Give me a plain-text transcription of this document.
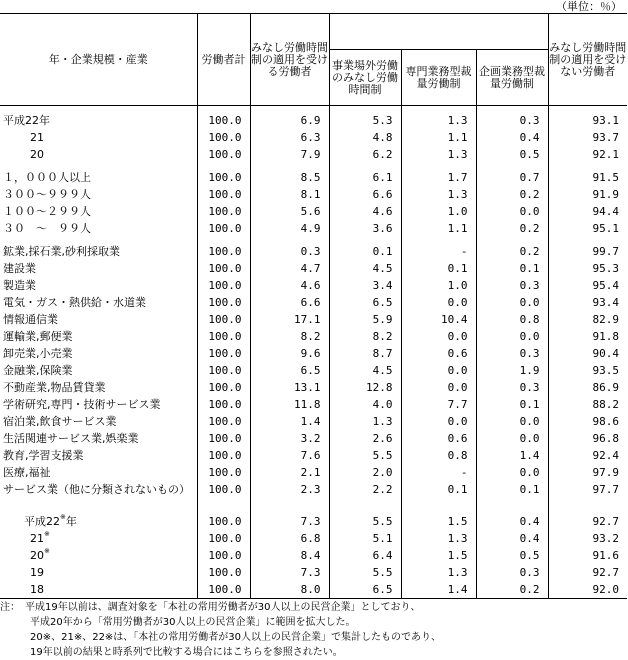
（単位：％）
年・企業規模・産業	労働者計	みなし労働時間制の適用を受ける労働者				みなし労働時間制の適用を受けない労働者
			事業場外労働のみなし労働時間制	専門業務型裁量労働制	企画業務型裁量労働制	

平成22年	100.0	6.9	5.3	1.3	0.3	93.1
21	100.0	6.3	4.8	1.1	0.4	93.7
20	100.0	7.9	6.2	1.3	0.5	92.1

１，０００人以上	100.0	8.5	6.1	1.7	0.7	91.5
３００～９９９人	100.0	8.1	6.6	1.3	0.2	91.9
１００～２９９人	100.0	5.6	4.6	1.0	0.0	94.4
３０　～　９９人	100.0	4.9	3.6	1.1	0.2	95.1

鉱業,採石業,砂利採取業	100.0	0.3	0.1	-	0.2	99.7
建設業	100.0	4.7	4.5	0.1	0.1	95.3
製造業	100.0	4.6	3.4	1.0	0.3	95.4
電気・ガス・熱供給・水道業	100.0	6.6	6.5	0.0	0.0	93.4
情報通信業	100.0	17.1	5.9	10.4	0.8	82.9
運輸業,郵便業	100.0	8.2	8.2	0.0	0.0	91.8
卸売業,小売業	100.0	9.6	8.7	0.6	0.3	90.4
金融業,保険業	100.0	6.5	4.5	0.0	1.9	93.5
不動産業,物品賃貸業	100.0	13.1	12.8	0.0	0.3	86.9
学術研究,専門・技術サービス業	100.0	11.8	4.0	7.7	0.1	88.2
宿泊業,飲食サービス業	100.0	1.4	1.3	0.0	0.0	98.6
生活関連サービス業,娯楽業	100.0	3.2	2.6	0.6	0.0	96.8
教育,学習支援業	100.0	7.6	5.5	0.8	1.4	92.4
医療,福祉	100.0	2.1	2.0	-	0.0	97.9
サービス業（他に分類されないもの）	100.0	2.3	2.2	0.1	0.1	97.7

平成22※年	100.0	7.3	5.5	1.5	0.4	92.7
21※	100.0	6.8	5.1	1.3	0.4	93.2
20※	100.0	8.4	6.4	1.5	0.5	91.6
19	100.0	7.3	5.5	1.3	0.3	92.7
18	100.0	8.0	6.5	1.4	0.2	92.0
注：　平成19年以前は、調査対象を「本社の常用労働者が30人以上の民営企業」としており、
　　　平成20年から「常用労働者が30人以上の民営企業」に範囲を拡大した。
　　　20※、21※、22※は、「本社の常用労働者が30人以上の民営企業」で集計したものであり、
　　　19年以前の結果と時系列で比較する場合にはこちらを参照されたい。
